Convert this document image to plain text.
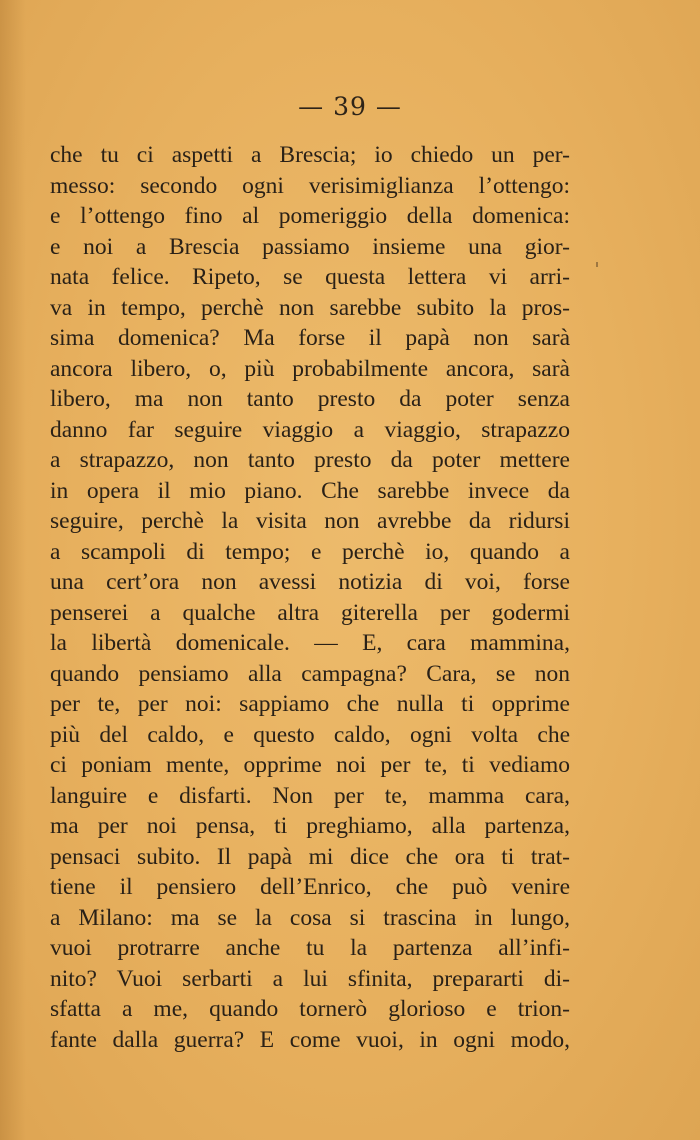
— 39 —
che tu ci aspetti a Brescia; io chiedo un per-
messo: secondo ogni verisimiglianza l’ottengo:
e l’ottengo fino al pomeriggio della domenica:
e noi a Brescia passiamo insieme una gior-
nata felice. Ripeto, se questa lettera vi arri-
va in tempo, perchè non sarebbe subito la pros-
sima domenica? Ma forse il papà non sarà
ancora libero, o, più probabilmente ancora, sarà
libero, ma non tanto presto da poter senza
danno far seguire viaggio a viaggio, strapazzo
a strapazzo, non tanto presto da poter mettere
in opera il mio piano. Che sarebbe invece da
seguire, perchè la visita non avrebbe da ridursi
a scampoli di tempo; e perchè io, quando a
una cert’ora non avessi notizia di voi, forse
penserei a qualche altra giterella per godermi
la libertà domenicale. — E, cara mammina,
quando pensiamo alla campagna? Cara, se non
per te, per noi: sappiamo che nulla ti opprime
più del caldo, e questo caldo, ogni volta che
ci poniam mente, opprime noi per te, ti vediamo
languire e disfarti. Non per te, mamma cara,
ma per noi pensa, ti preghiamo, alla partenza,
pensaci subito. Il papà mi dice che ora ti trat-
tiene il pensiero dell’Enrico, che può venire
a Milano: ma se la cosa si trascina in lungo,
vuoi protrarre anche tu la partenza all’infi-
nito? Vuoi serbarti a lui sfinita, prepararti di-
sfatta a me, quando tornerò glorioso e trion-
fante dalla guerra? E come vuoi, in ogni modo,
